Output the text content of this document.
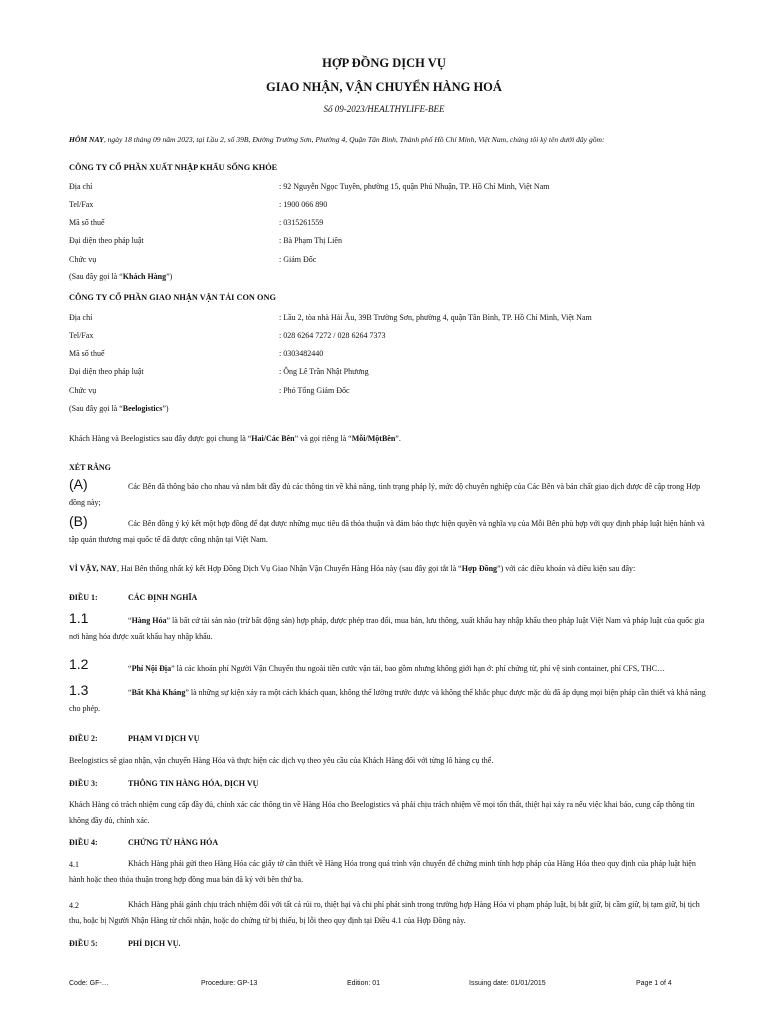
HỢP ĐỒNG DỊCH VỤ
GIAO NHẬN, VẬN CHUYỂN HÀNG HOÁ
Số 09-2023/HEALTHYLIFE-BEE
HÔM NAY, ngày 18 tháng 09 năm 2023, tại Lầu 2, số 39B, Đường Trường Sơn, Phường 4, Quận Tân Bình, Thành phố Hồ Chí Minh, Việt Nam, chúng tôi ký tên dưới đây gồm:
CÔNG TY CỔ PHẦN XUẤT NHẬP KHẨU SỐNG KHỎE
Địa chỉ	: 92 Nguyễn Ngọc Tuyên, phường 15, quận Phú Nhuận, TP. Hồ Chí Minh, Việt Nam
Tel/Fax	: 1900 066 890
Mã số thuế	: 0315261559
Đại diện theo pháp luật	: Bà Phạm Thị Liên
Chức vụ	: Giám Đốc
(Sau đây gọi là “Khách Hàng”)
CÔNG TY CỔ PHẦN GIAO NHẬN VẬN TẢI CON ONG
Địa chỉ	: Lầu 2, tòa nhà Hải Âu, 39B Trường Sơn, phường 4, quận Tân Bình, TP. Hồ Chí Minh, Việt Nam
Tel/Fax	: 028 6264 7272 / 028 6264 7373
Mã số thuế	: 0303482440
Đại diện theo pháp luật	: Ông Lê Trần Nhật Phương
Chức vụ	: Phó Tổng Giám Đốc
(Sau đây gọi là “Beelogistics”)
Khách Hàng và Beelogistics sau đây được gọi chung là “Hai/Các Bên” và gọi riêng là “Mỗi/MộtBên”.
XÉT RẰNG
(A)	Các Bên đã thông báo cho nhau và nắm bắt đầy đủ các thông tin về khả năng, tình trạng pháp lý, mức độ chuyên nghiệp của Các Bên và bản chất giao dịch được đề cập trong Hợp
đồng này;
(B)	Các Bên đồng ý ký kết một hợp đồng để đạt được những mục tiêu đã thỏa thuận và đảm bảo thực hiện quyền và nghĩa vụ của Mỗi Bên phù hợp với quy định pháp luật hiện hành và
tập quán thương mại quốc tế đã được công nhận tại Việt Nam.
VÌ VẬY, NAY, Hai Bên thống nhất ký kết Hợp Đồng Dịch Vụ Giao Nhận Vận Chuyển Hàng Hóa này (sau đây gọi tắt là “Hợp Đồng”) với các điều khoản và điều kiện sau đây:
ĐIỀU 1:	CÁC ĐỊNH NGHĨA
1.1	“Hàng Hóa” là bất cứ tài sản nào (trừ bất động sản) hợp pháp, được phép trao đổi, mua bán, lưu thông, xuất khẩu hay nhập khẩu theo pháp luật Việt Nam và pháp luật của quốc gia
nơi hàng hóa được xuất khẩu hay nhập khẩu.
1.2	“Phí Nội Địa” là các khoản phí Người Vận Chuyển thu ngoài tiền cước vận tải, bao gồm nhưng không giới hạn ở: phí chứng từ, phí vệ sinh container, phí CFS, THC…
1.3	“Bất Khả Kháng” là những sự kiện xảy ra một cách khách quan, không thể lường trước được và không thể khắc phục được mặc dù đã áp dụng mọi biện pháp cần thiết và khả năng
cho phép.
ĐIỀU 2:	PHẠM VI DỊCH VỤ
Beelogistics sẽ giao nhận, vận chuyển Hàng Hóa và thực hiện các dịch vụ theo yêu cầu của Khách Hàng đối với từng lô hàng cụ thể.
ĐIỀU 3:	THÔNG TIN HÀNG HÓA, DỊCH VỤ
Khách Hàng có trách nhiệm cung cấp đầy đủ, chính xác các thông tin về Hàng Hóa cho Beelogistics và phải chịu trách nhiệm về mọi tổn thất, thiệt hại xảy ra nếu việc khai báo, cung cấp thông tin
không đầy đủ, chính xác.
ĐIỀU 4:	CHỨNG TỪ HÀNG HÓA
4.1	Khách Hàng phải gửi theo Hàng Hóa các giấy tờ cần thiết về Hàng Hóa trong quá trình vận chuyển để chứng minh tính hợp pháp của Hàng Hóa theo quy định của pháp luật hiện
hành hoặc theo thỏa thuận trong hợp đồng mua bán đã ký với bên thứ ba.
4.2	Khách Hàng phải gánh chịu trách nhiệm đối với tất cả rủi ro, thiệt hại và chi phí phát sinh trong trường hợp Hàng Hóa vi phạm pháp luật, bị bắt giữ, bị cầm giữ, bị tạm giữ, bị tịch
thu, hoặc bị Người Nhận Hàng từ chối nhận, hoặc do chứng từ bị thiếu, bị lỗi theo quy định tại Điều 4.1 của Hợp Đồng này.
ĐIỀU 5:	PHÍ DỊCH VỤ.
Code: GF-…	Procedure: GP-13	Edition: 01	Issuing date: 01/01/2015	Page 1 of 4
